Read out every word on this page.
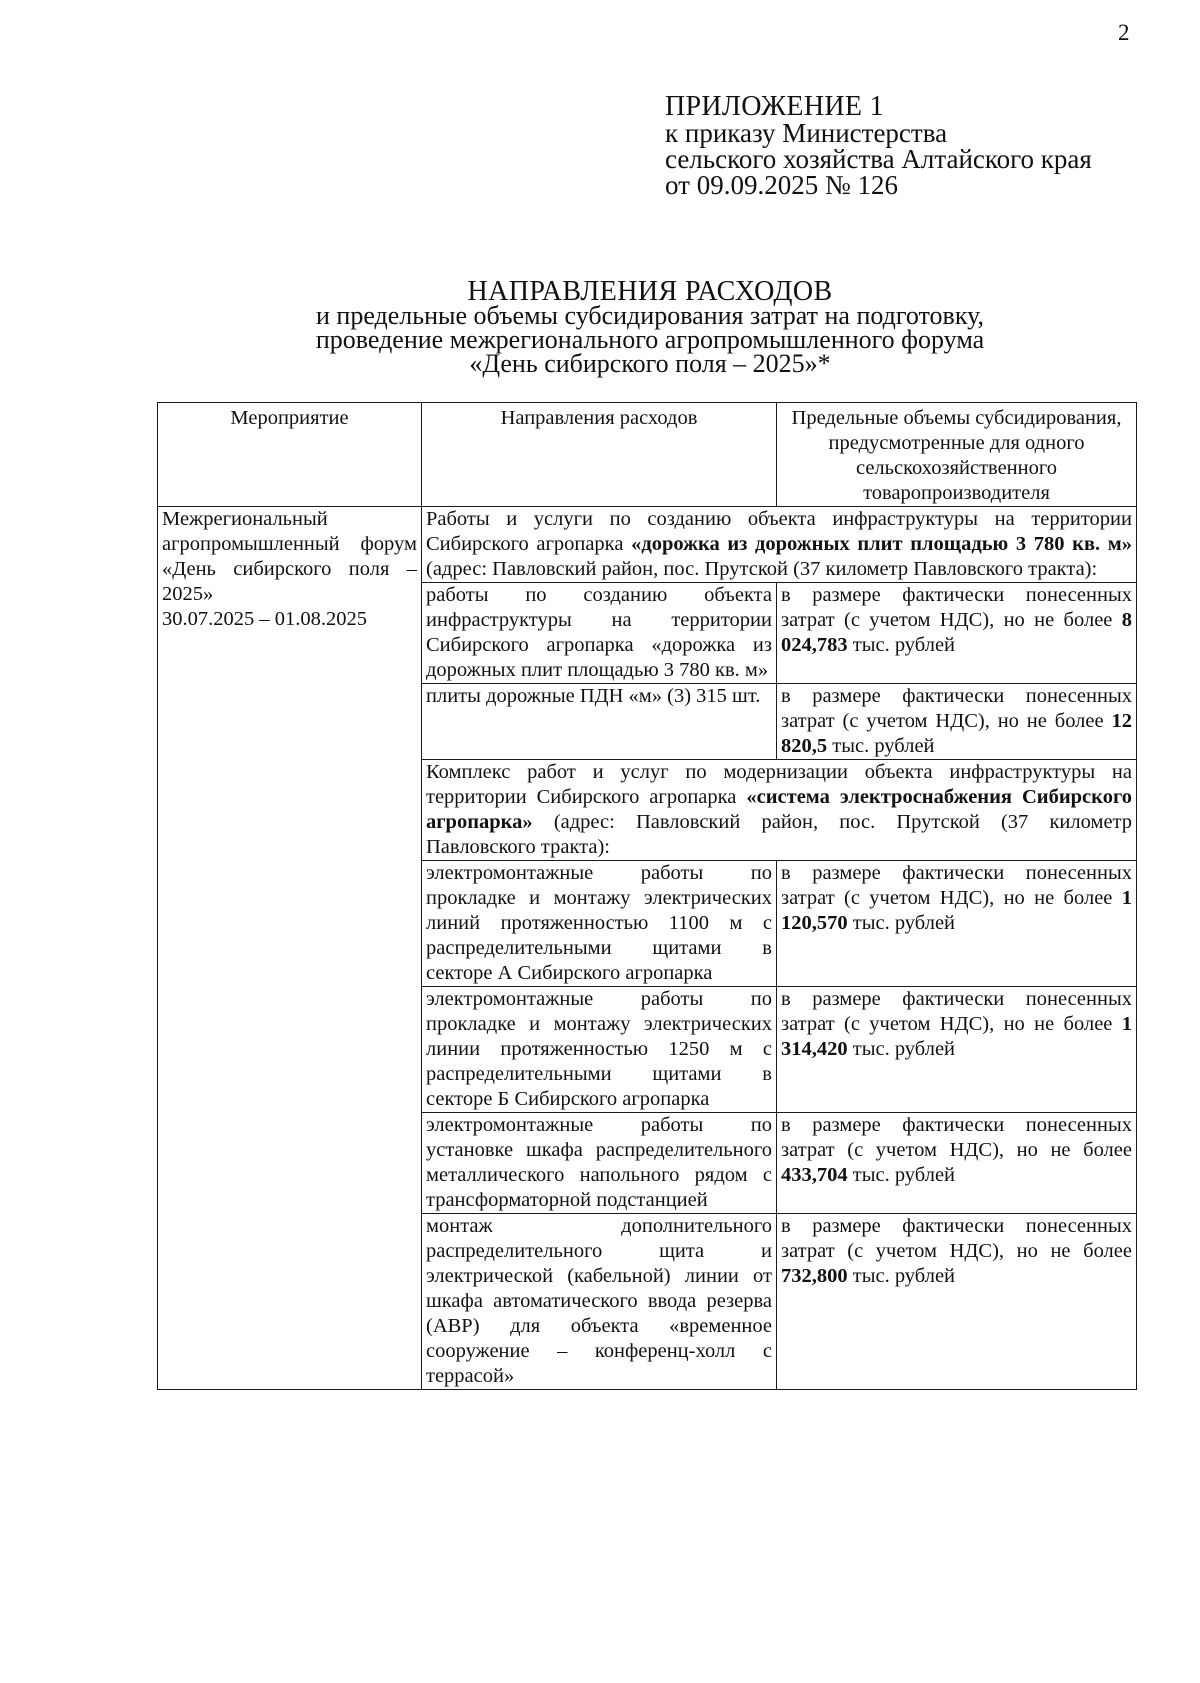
2
ПРИЛОЖЕНИЕ 1
к приказу Министерства
сельского хозяйства Алтайского края
от 09.09.2025 № 126
НАПРАВЛЕНИЯ РАСХОДОВ
и предельные объемы субсидирования затрат на подготовку,
проведение межрегионального агропромышленного форума
«День сибирского поля – 2025»*
Мероприятие	Направления расходов	Предельные объемы субсидирования, предусмотренные для одного сельскохозяйственного товаропроизводителя

Межрегиональный агропромышленный форум «День сибирского поля – 2025»
30.07.2025 – 01.08.2025	Работы и услуги по созданию объекта инфраструктуры на территории Сибирского агропарка «дорожка из дорожных плит площадью 3 780 кв. м» (адрес: Павловский район, пос. Прутской (37 километр Павловского тракта):	
	работы по созданию объекта инфраструктуры на территории Сибирского агропарка «дорожка из дорожных плит площадью 3 780 кв. м»	в размере фактически понесенных затрат (с учетом НДС), но не более 8 024,783 тыс. рублей
	плиты дорожные ПДН «м» (3) 315 шт.	в размере фактически понесенных затрат (с учетом НДС), но не более 12 820,5 тыс. рублей
	Комплекс работ и услуг по модернизации объекта инфраструктуры на территории Сибирского агропарка «система электроснабжения Сибирского агропарка» (адрес: Павловский район, пос. Прутской (37 километр Павловского тракта):	
	электромонтажные работы по прокладке и монтажу электрических линий протяженностью 1100 м с распределительными щитами в секторе А Сибирского агропарка	в размере фактически понесенных затрат (с учетом НДС), но не более 1 120,570 тыс. рублей
	электромонтажные работы по прокладке и монтажу электрических линии протяженностью 1250 м с распределительными щитами в секторе Б Сибирского агропарка	в размере фактически понесенных затрат (с учетом НДС), но не более 1 314,420 тыс. рублей
	электромонтажные работы по установке шкафа распределительного металлического напольного рядом с трансформаторной подстанцией	в размере фактически понесенных затрат (с учетом НДС), но не более 433,704 тыс. рублей
	монтаж дополнительного распределительного щита и электрической (кабельной) линии от шкафа автоматического ввода резерва (АВР) для объекта «временное сооружение – конференц-холл с террасой»	в размере фактически понесенных затрат (с учетом НДС), но не более 732,800 тыс. рублей
